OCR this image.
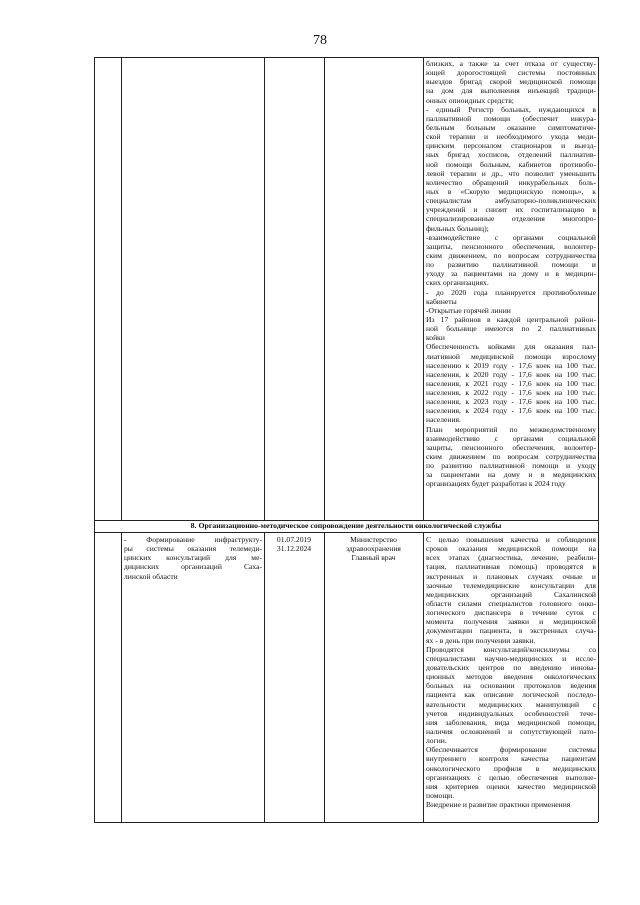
78
близких, а также за счет отказа от существу-
ющей дорогостоящей системы постоянных
выездов бригад скорой медицинской помощи
на дом для выполнения инъекций традици-
онных опиоидных средств;
- единый Регистр больных, нуждающихся в
паллиативной помощи (обеспечит инкура-
бельным больным оказание симптоматиче-
ской терапии и необходимого ухода меди-
цинским персоналом стационаров и выезд-
ных бригад хосписов, отделений паллиатив-
ной помощи больным, кабинетов противобо-
левой терапии и др., что позволит уменьшить
количество обращений инкурабельных боль-
ных в «Скорую медицинскую помощь», к
специалистам амбулаторно-поликлинических
учреждений и снизит их госпитализацию в
специализированные отделения многопро-
фильных больниц);
-взаимодействие с органами социальной
защиты, пенсионного обеспечения, волонтер-
ским движением, по вопросам сотрудничества
по развитию паллиативной помощи и
уходу за пациентами на дому и в медицин-
ских организациях.
- до 2020 года планируется противоболевые
кабинеты
-Открытые горячей линии
Из 17 районов в каждой центральной район-
ной больнице имеются по 2 паллиативных
койки
Обеспеченность койками для оказания пал-
лиативной медицинской помощи взрослому
населению к 2019 году - 17,6 коек на 100 тыс.
населения, к 2020 году - 17,6 коек на 100 тыс.
населения, к 2021 году - 17,6 коек на 100 тыс.
населения, к 2022 году - 17,6 коек на 100 тыс.
населения, к 2023 году - 17,6 коек на 100 тыс.
населения, к 2024 году - 17,6 коек на 100 тыс.
населения.
План мероприятий по межведомственному
взаимодействию с органами социальной
защиты, пенсионного обеспечения, волонтер-
ским движением по вопросам сотрудничества
по развитию паллиативной помощи и уходу
за пациентами на дому и в медицинских
организациях будет разработан к 2024 году
8. Организационно-методическое сопровождение деятельности онкологической службы
- Формирование инфраструкту-
ры системы оказания телемеди-
цинских консультаций для ме-
дицинских организаций Саха-
линской области
01.07.2019
31.12.2024
Министерство
здравоохранения
Главный врач
С целью повышения качества и соблюдения
сроков оказания медицинской помощи на
всех этапах (диагностика, лечение, реабили-
тация, паллиативная помощь) проводятся в
экстренных и плановых случаях очные и
заочные телемедицинские консультации для
медицинских организаций Сахалинской
области силами специалистов головного онко-
логического диспансера в течение суток с
момента получения заявки и медицинской
документации пациента, в экстренных случа-
ях - в день при получении заявки.
Проводятся консультаций/консилиумы со
специалистами научно-медицинских и иссле-
довательских центров по введению иннова-
ционных методов введения онкологических
больных на основании протоколов ведения
пациента как описание логической последо-
вательности медицинских манипуляций с
учетов индивидуальных особенностей тече-
ния заболевания, вида медицинской помощи,
наличия осложнений и сопутствующей пато-
логии.
Обеспечивается формирование системы
внутреннего контроля качества пациентам
онкологического профиля в медицинских
организациях с целью обеспечения выполне-
ния критериев оценки качество медицинской
помощи.
Внедрение и развитие практики применения
